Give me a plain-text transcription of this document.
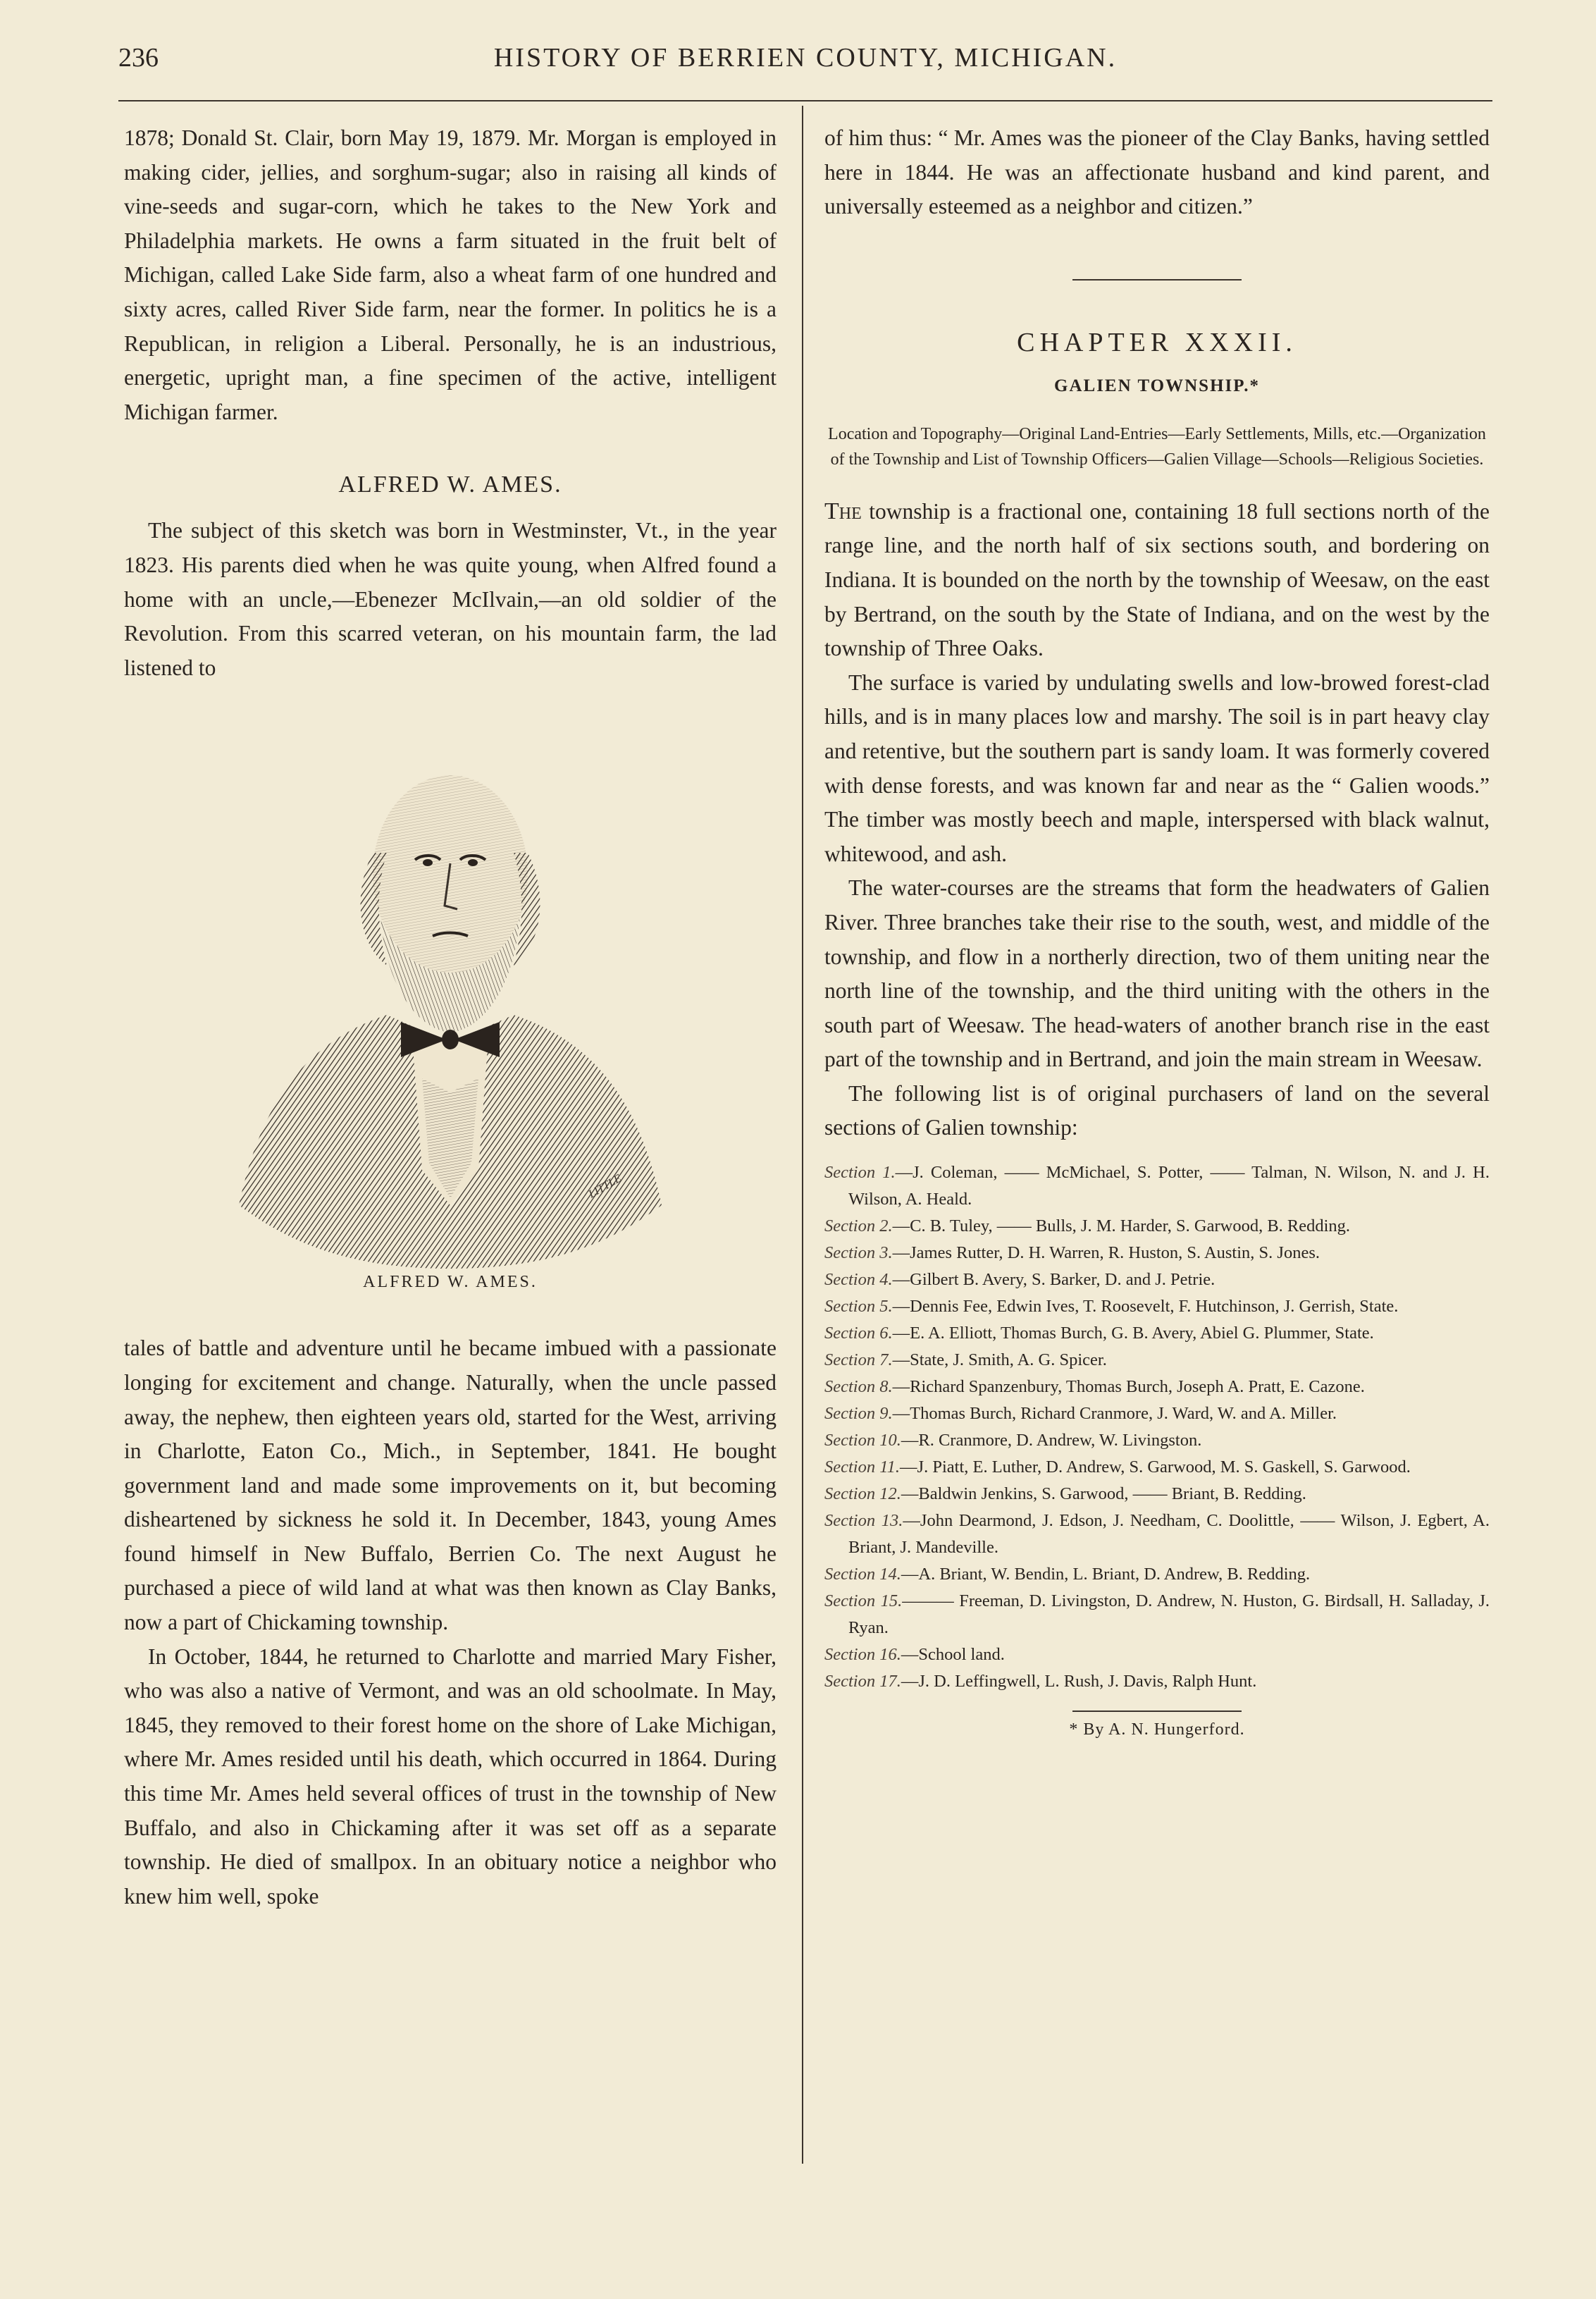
236	HISTORY OF BERRIEN COUNTY, MICHIGAN.

1878; Donald St. Clair, born May 19, 1879. Mr. Morgan is employed in making cider, jellies, and sorghum-sugar; also in raising all kinds of vine-seeds and sugar-corn, which he takes to the New York and Philadelphia markets. He owns a farm situated in the fruit belt of Michigan, called Lake Side farm, also a wheat farm of one hundred and sixty acres, called River Side farm, near the former. In politics he is a Republican, in religion a Liberal. Personally, he is an industrious, energetic, upright man, a fine specimen of the active, intelligent Michigan farmer.

ALFRED W. AMES.

The subject of this sketch was born in Westminster, Vt., in the year 1823. His parents died when he was quite young, when Alfred found a home with an uncle,—Ebenezer McIlvain,—an old soldier of the Revolution. From this scarred veteran, on his mountain farm, the lad listened to

LITTLE
ALFRED W. AMES.

tales of battle and adventure until he became imbued with a passionate longing for excitement and change. Naturally, when the uncle passed away, the nephew, then eighteen years old, started for the West, arriving in Charlotte, Eaton Co., Mich., in September, 1841. He bought government land and made some improvements on it, but becoming disheartened by sickness he sold it. In December, 1843, young Ames found himself in New Buffalo, Berrien Co. The next August he purchased a piece of wild land at what was then known as Clay Banks, now a part of Chickaming township.

In October, 1844, he returned to Charlotte and married Mary Fisher, who was also a native of Vermont, and was an old schoolmate. In May, 1845, they removed to their forest home on the shore of Lake Michigan, where Mr. Ames resided until his death, which occurred in 1864. During this time Mr. Ames held several offices of trust in the township of New Buffalo, and also in Chickaming after it was set off as a separate township. He died of smallpox. In an obituary notice a neighbor who knew him well, spoke

of him thus: “ Mr. Ames was the pioneer of the Clay Banks, having settled here in 1844. He was an affectionate husband and kind parent, and universally esteemed as a neighbor and citizen.”

CHAPTER XXXII.
GALIEN TOWNSHIP.*
Location and Topography—Original Land-Entries—Early Settlements, Mills, etc.—Organization of the Township and List of Township Officers—Galien Village—Schools—Religious Societies.

The township is a fractional one, containing 18 full sections north of the range line, and the north half of six sections south, and bordering on Indiana. It is bounded on the north by the township of Weesaw, on the east by Bertrand, on the south by the State of Indiana, and on the west by the township of Three Oaks.

The surface is varied by undulating swells and low-browed forest-clad hills, and is in many places low and marshy. The soil is in part heavy clay and retentive, but the southern part is sandy loam. It was formerly covered with dense forests, and was known far and near as the “ Galien woods.” The timber was mostly beech and maple, interspersed with black walnut, whitewood, and ash.

The water-courses are the streams that form the headwaters of Galien River. Three branches take their rise to the south, west, and middle of the township, and flow in a northerly direction, two of them uniting near the north line of the township, and the third uniting with the others in the south part of Weesaw. The head-waters of another branch rise in the east part of the township and in Bertrand, and join the main stream in Weesaw.

The following list is of original purchasers of land on the several sections of Galien township:

Section 1.—J. Coleman, —— McMichael, S. Potter, —— Talman, N. Wilson, N. and J. H. Wilson, A. Heald.
Section 2.—C. B. Tuley, —— Bulls, J. M. Harder, S. Garwood, B. Redding.
Section 3.—James Rutter, D. H. Warren, R. Huston, S. Austin, S. Jones.
Section 4.—Gilbert B. Avery, S. Barker, D. and J. Petrie.
Section 5.—Dennis Fee, Edwin Ives, T. Roosevelt, F. Hutchinson, J. Gerrish, State.
Section 6.—E. A. Elliott, Thomas Burch, G. B. Avery, Abiel G. Plummer, State.
Section 7.—State, J. Smith, A. G. Spicer.
Section 8.—Richard Spanzenbury, Thomas Burch, Joseph A. Pratt, E. Cazone.
Section 9.—Thomas Burch, Richard Cranmore, J. Ward, W. and A. Miller.
Section 10.—R. Cranmore, D. Andrew, W. Livingston.
Section 11.—J. Piatt, E. Luther, D. Andrew, S. Garwood, M. S. Gaskell, S. Garwood.
Section 12.—Baldwin Jenkins, S. Garwood, —— Briant, B. Redding.
Section 13.—John Dearmond, J. Edson, J. Needham, C. Doolittle, —— Wilson, J. Egbert, A. Briant, J. Mandeville.
Section 14.—A. Briant, W. Bendin, L. Briant, D. Andrew, B. Redding.
Section 15.——— Freeman, D. Livingston, D. Andrew, N. Huston, G. Birdsall, H. Salladay, J. Ryan.
Section 16.—School land.
Section 17.—J. D. Leffingwell, L. Rush, J. Davis, Ralph Hunt.
* By A. N. Hungerford.
